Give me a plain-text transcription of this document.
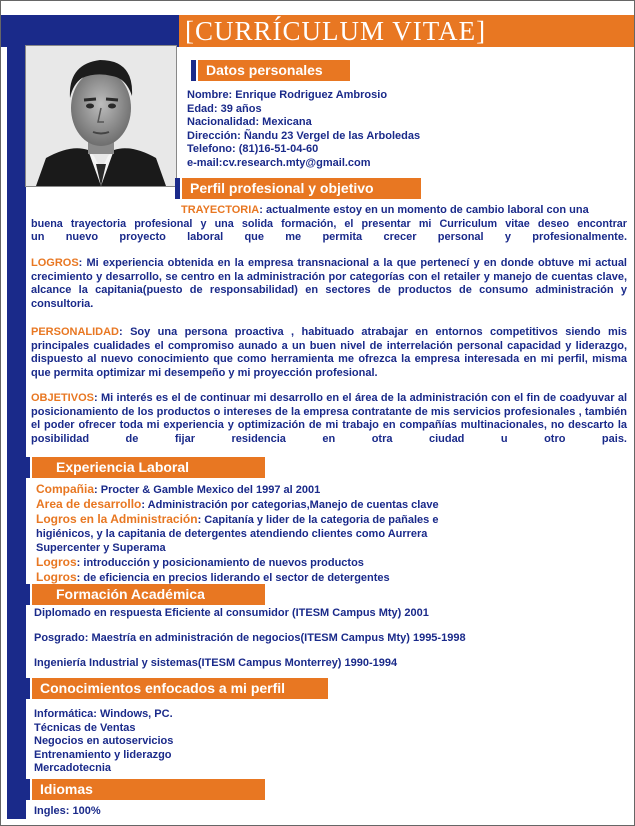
[CURRÍCULUM VITAE]
Datos personales
Nombre: Enrique Rodriguez Ambrosio
Edad: 39 años
Nacionalidad: Mexicana
Dirección: Ñandu 23 Vergel de las Arboledas
Telefono: (81)16-51-04-60
e-mail:cv.research.mty@gmail.com
Perfil profesional y objetivo
TRAYECTORIA: actualmente estoy en un momento de cambio laboral con una
buena trayectoria profesional y una solida formación, el presentar mi Curriculum vitae deseo encontrar
un nuevo proyecto laboral que me permita crecer personal y profesionalmente.
LOGROS: Mi experiencia obtenida en la empresa transnacional a la que pertenecí y en donde obtuve mi actual crecimiento y desarrollo, se centro en la administración por categorías con el retailer y manejo de cuentas clave, alcance la capitania(puesto de responsabilidad) en sectores de productos de consumo administración y consultoria.
PERSONALIDAD: Soy una persona proactiva , habituado atrabajar en entornos competitivos siendo mis principales cualidades el compromiso aunado a un buen nivel de interrelación personal capacidad y liderazgo, dispuesto al nuevo conocimiento que como herramienta me ofrezca la empresa interesada en mi perfil, misma que permita optimizar mi desempeño y mi proyección profesional.
OBJETIVOS: Mi interés es el de continuar mi desarrollo en el área de la administración con el fin de coadyuvar al posicionamiento de los productos o intereses de la empresa contratante de mis servicios profesionales , también el poder ofrecer toda mi experiencia y optimización de mi trabajo en compañías multinacionales, no descarto la posibilidad de fijar residencia en otra ciudad u otro pais.
Experiencia Laboral
Compañia: Procter & Gamble Mexico del 1997 al 2001
Area de desarrollo: Administración por categorias,Manejo de cuentas clave
Logros en la Administración: Capitanía y lider de la categoria de pañales e
higiénicos, y la capitania de detergentes atendiendo clientes como Aurrera
Supercenter y Superama
Logros: introducción y posicionamiento de nuevos productos
Logros: de eficiencia en precios liderando el sector de detergentes
Formación Académica
Diplomado en respuesta Eficiente al consumidor (ITESM Campus Mty) 2001
Posgrado: Maestría en administración de negocios(ITESM Campus Mty) 1995-1998
Ingeniería Industrial y sistemas(ITESM Campus Monterrey) 1990-1994
Conocimientos enfocados a mi perfil
Informática: Windows, PC.
Técnicas de Ventas
Negocios en autoservicios
Entrenamiento y liderazgo
Mercadotecnia
Idiomas
Ingles: 100%
